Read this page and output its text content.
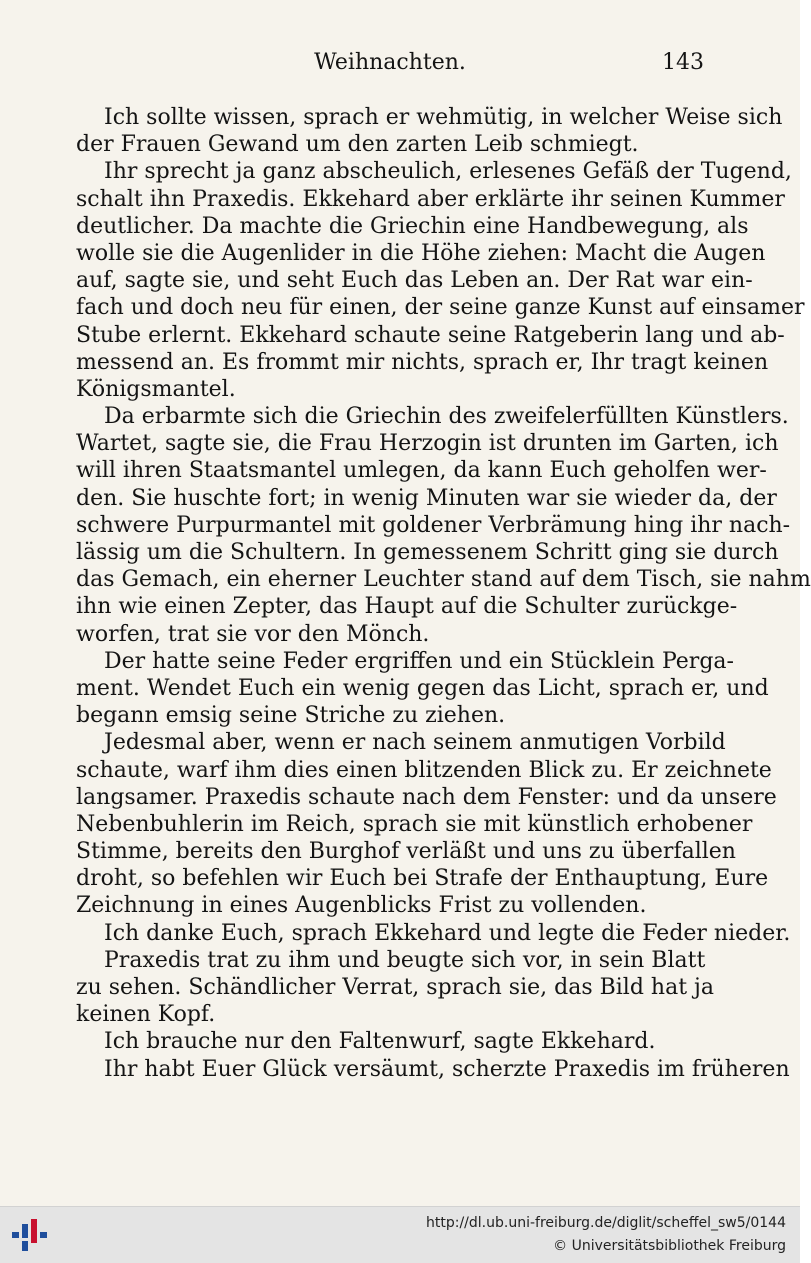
Weihnachten.	143
Ich sollte wissen, sprach er wehmütig, in welcher Weise sich
der Frauen Gewand um den zarten Leib schmiegt.
Ihr sprecht ja ganz abscheulich, erlesenes Gefäß der Tugend,
schalt ihn Praxedis. Ekkehard aber erklärte ihr seinen Kummer
deutlicher. Da machte die Griechin eine Handbewegung, als
wolle sie die Augenlider in die Höhe ziehen: Macht die Augen
auf, sagte sie, und seht Euch das Leben an. Der Rat war ein-
fach und doch neu für einen, der seine ganze Kunst auf einsamer
Stube erlernt. Ekkehard schaute seine Ratgeberin lang und ab-
messend an. Es frommt mir nichts, sprach er, Ihr tragt keinen
Königsmantel.
Da erbarmte sich die Griechin des zweifelerfüllten Künstlers.
Wartet, sagte sie, die Frau Herzogin ist drunten im Garten, ich
will ihren Staatsmantel umlegen, da kann Euch geholfen wer-
den. Sie huschte fort; in wenig Minuten war sie wieder da, der
schwere Purpurmantel mit goldener Verbrämung hing ihr nach-
lässig um die Schultern. In gemessenem Schritt ging sie durch
das Gemach, ein eherner Leuchter stand auf dem Tisch, sie nahm
ihn wie einen Zepter, das Haupt auf die Schulter zurückge-
worfen, trat sie vor den Mönch.
Der hatte seine Feder ergriffen und ein Stücklein Perga-
ment. Wendet Euch ein wenig gegen das Licht, sprach er, und
begann emsig seine Striche zu ziehen.
Jedesmal aber, wenn er nach seinem anmutigen Vorbild
schaute, warf ihm dies einen blitzenden Blick zu. Er zeichnete
langsamer. Praxedis schaute nach dem Fenster: und da unsere
Nebenbuhlerin im Reich, sprach sie mit künstlich erhobener
Stimme, bereits den Burghof verläßt und uns zu überfallen
droht, so befehlen wir Euch bei Strafe der Enthauptung, Eure
Zeichnung in eines Augenblicks Frist zu vollenden.
Ich danke Euch, sprach Ekkehard und legte die Feder nieder.
Praxedis trat zu ihm und beugte sich vor, in sein Blatt
zu sehen. Schändlicher Verrat, sprach sie, das Bild hat ja
keinen Kopf.
Ich brauche nur den Faltenwurf, sagte Ekkehard.
Ihr habt Euer Glück versäumt, scherzte Praxedis im früheren
http://dl.ub.uni-freiburg.de/diglit/scheffel_sw5/0144
© Universitätsbibliothek Freiburg
